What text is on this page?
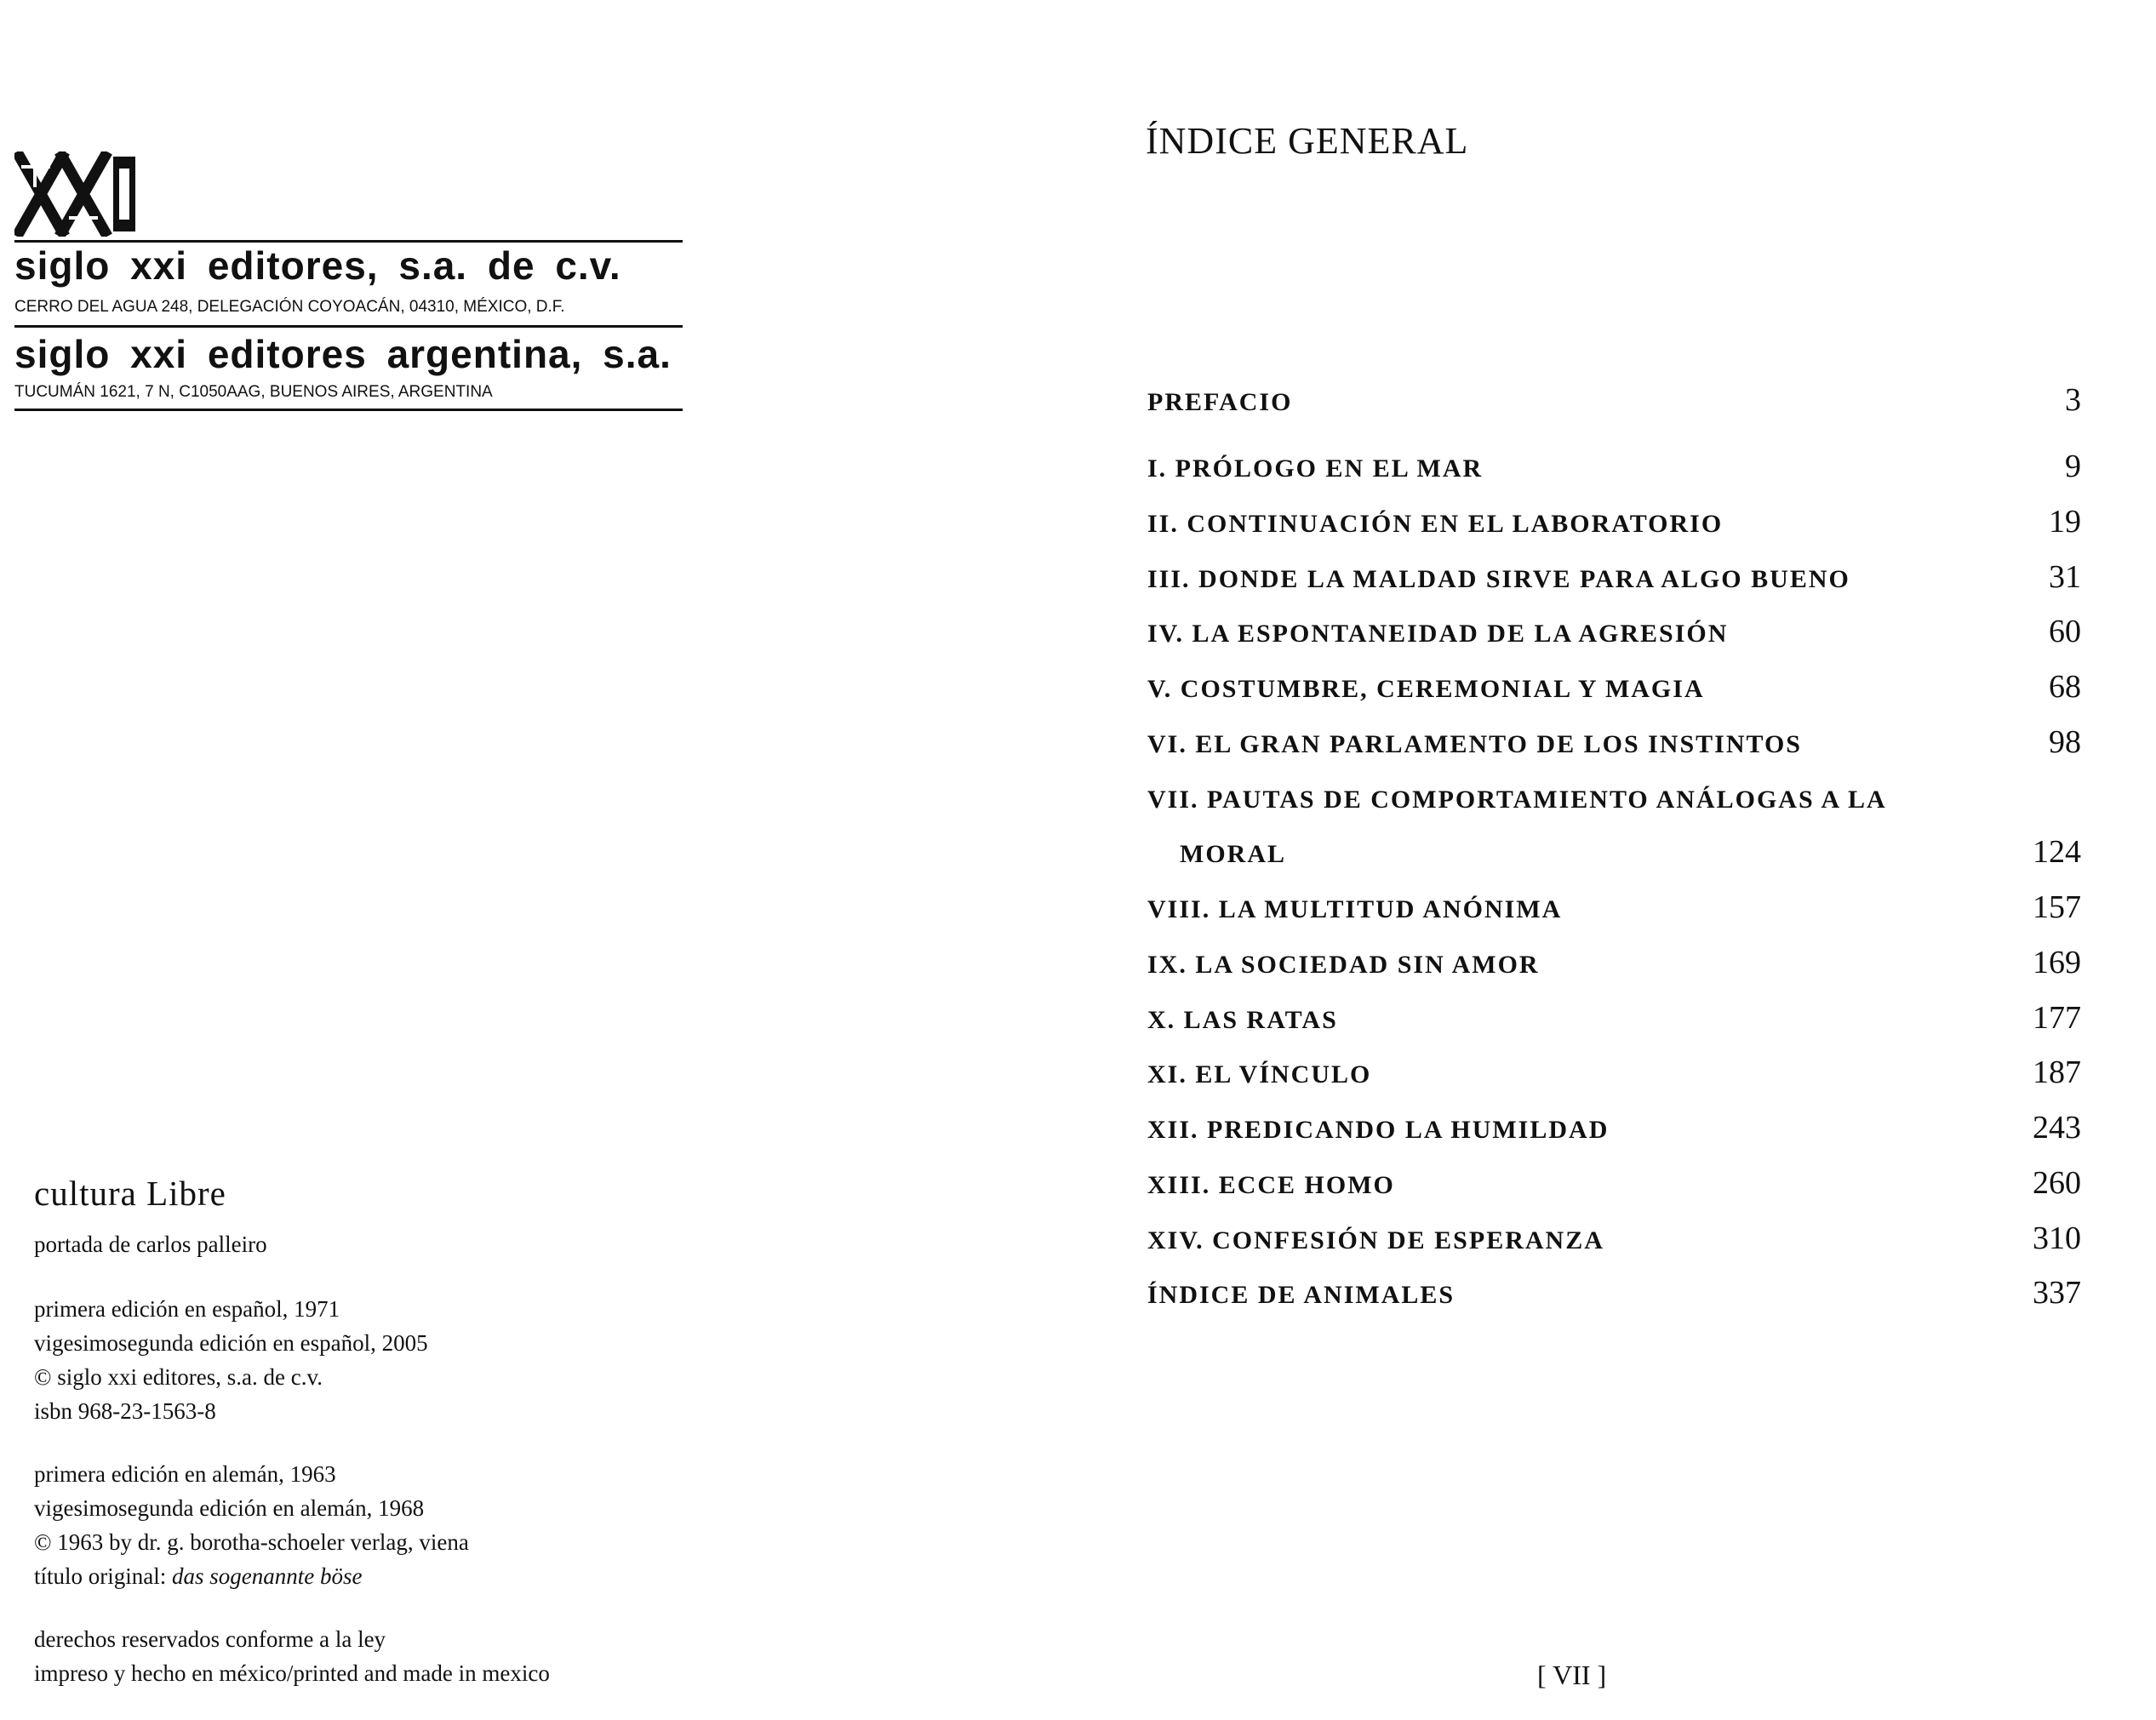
siglo xxi editores, s.a. de c.v.
CERRO DEL AGUA 248, DELEGACIÓN COYOACÁN, 04310, MÉXICO, D.F.
siglo xxi editores argentina, s.a.
TUCUMÁN 1621, 7 N, C1050AAG, BUENOS AIRES, ARGENTINA
cultura Libre
portada de carlos palleiro
primera edición en español, 1971
vigesimosegunda edición en español, 2005
© siglo xxi editores, s.a. de c.v.
isbn 968-23-1563-8
primera edición en alemán, 1963
vigesimosegunda edición en alemán, 1968
© 1963 by dr. g. borotha-schoeler verlag, viena
título original: das sogenannte böse
derechos reservados conforme a la ley
impreso y hecho en méxico/printed and made in mexico
ÍNDICE GENERAL
PREFACIO	3
I. PRÓLOGO EN EL MAR	9
II. CONTINUACIÓN EN EL LABORATORIO	19
III. DONDE LA MALDAD SIRVE PARA ALGO BUENO	31
IV. LA ESPONTANEIDAD DE LA AGRESIÓN	60
V. COSTUMBRE, CEREMONIAL Y MAGIA	68
VI. EL GRAN PARLAMENTO DE LOS INSTINTOS	98
VII. PAUTAS DE COMPORTAMIENTO ANÁLOGAS A LA
MORAL	124
VIII. LA MULTITUD ANÓNIMA	157
IX. LA SOCIEDAD SIN AMOR	169
X. LAS RATAS	177
XI. EL VÍNCULO	187
XII. PREDICANDO LA HUMILDAD	243
XIII. ECCE HOMO	260
XIV. CONFESIÓN DE ESPERANZA	310
ÍNDICE DE ANIMALES	337
[ VII ]
